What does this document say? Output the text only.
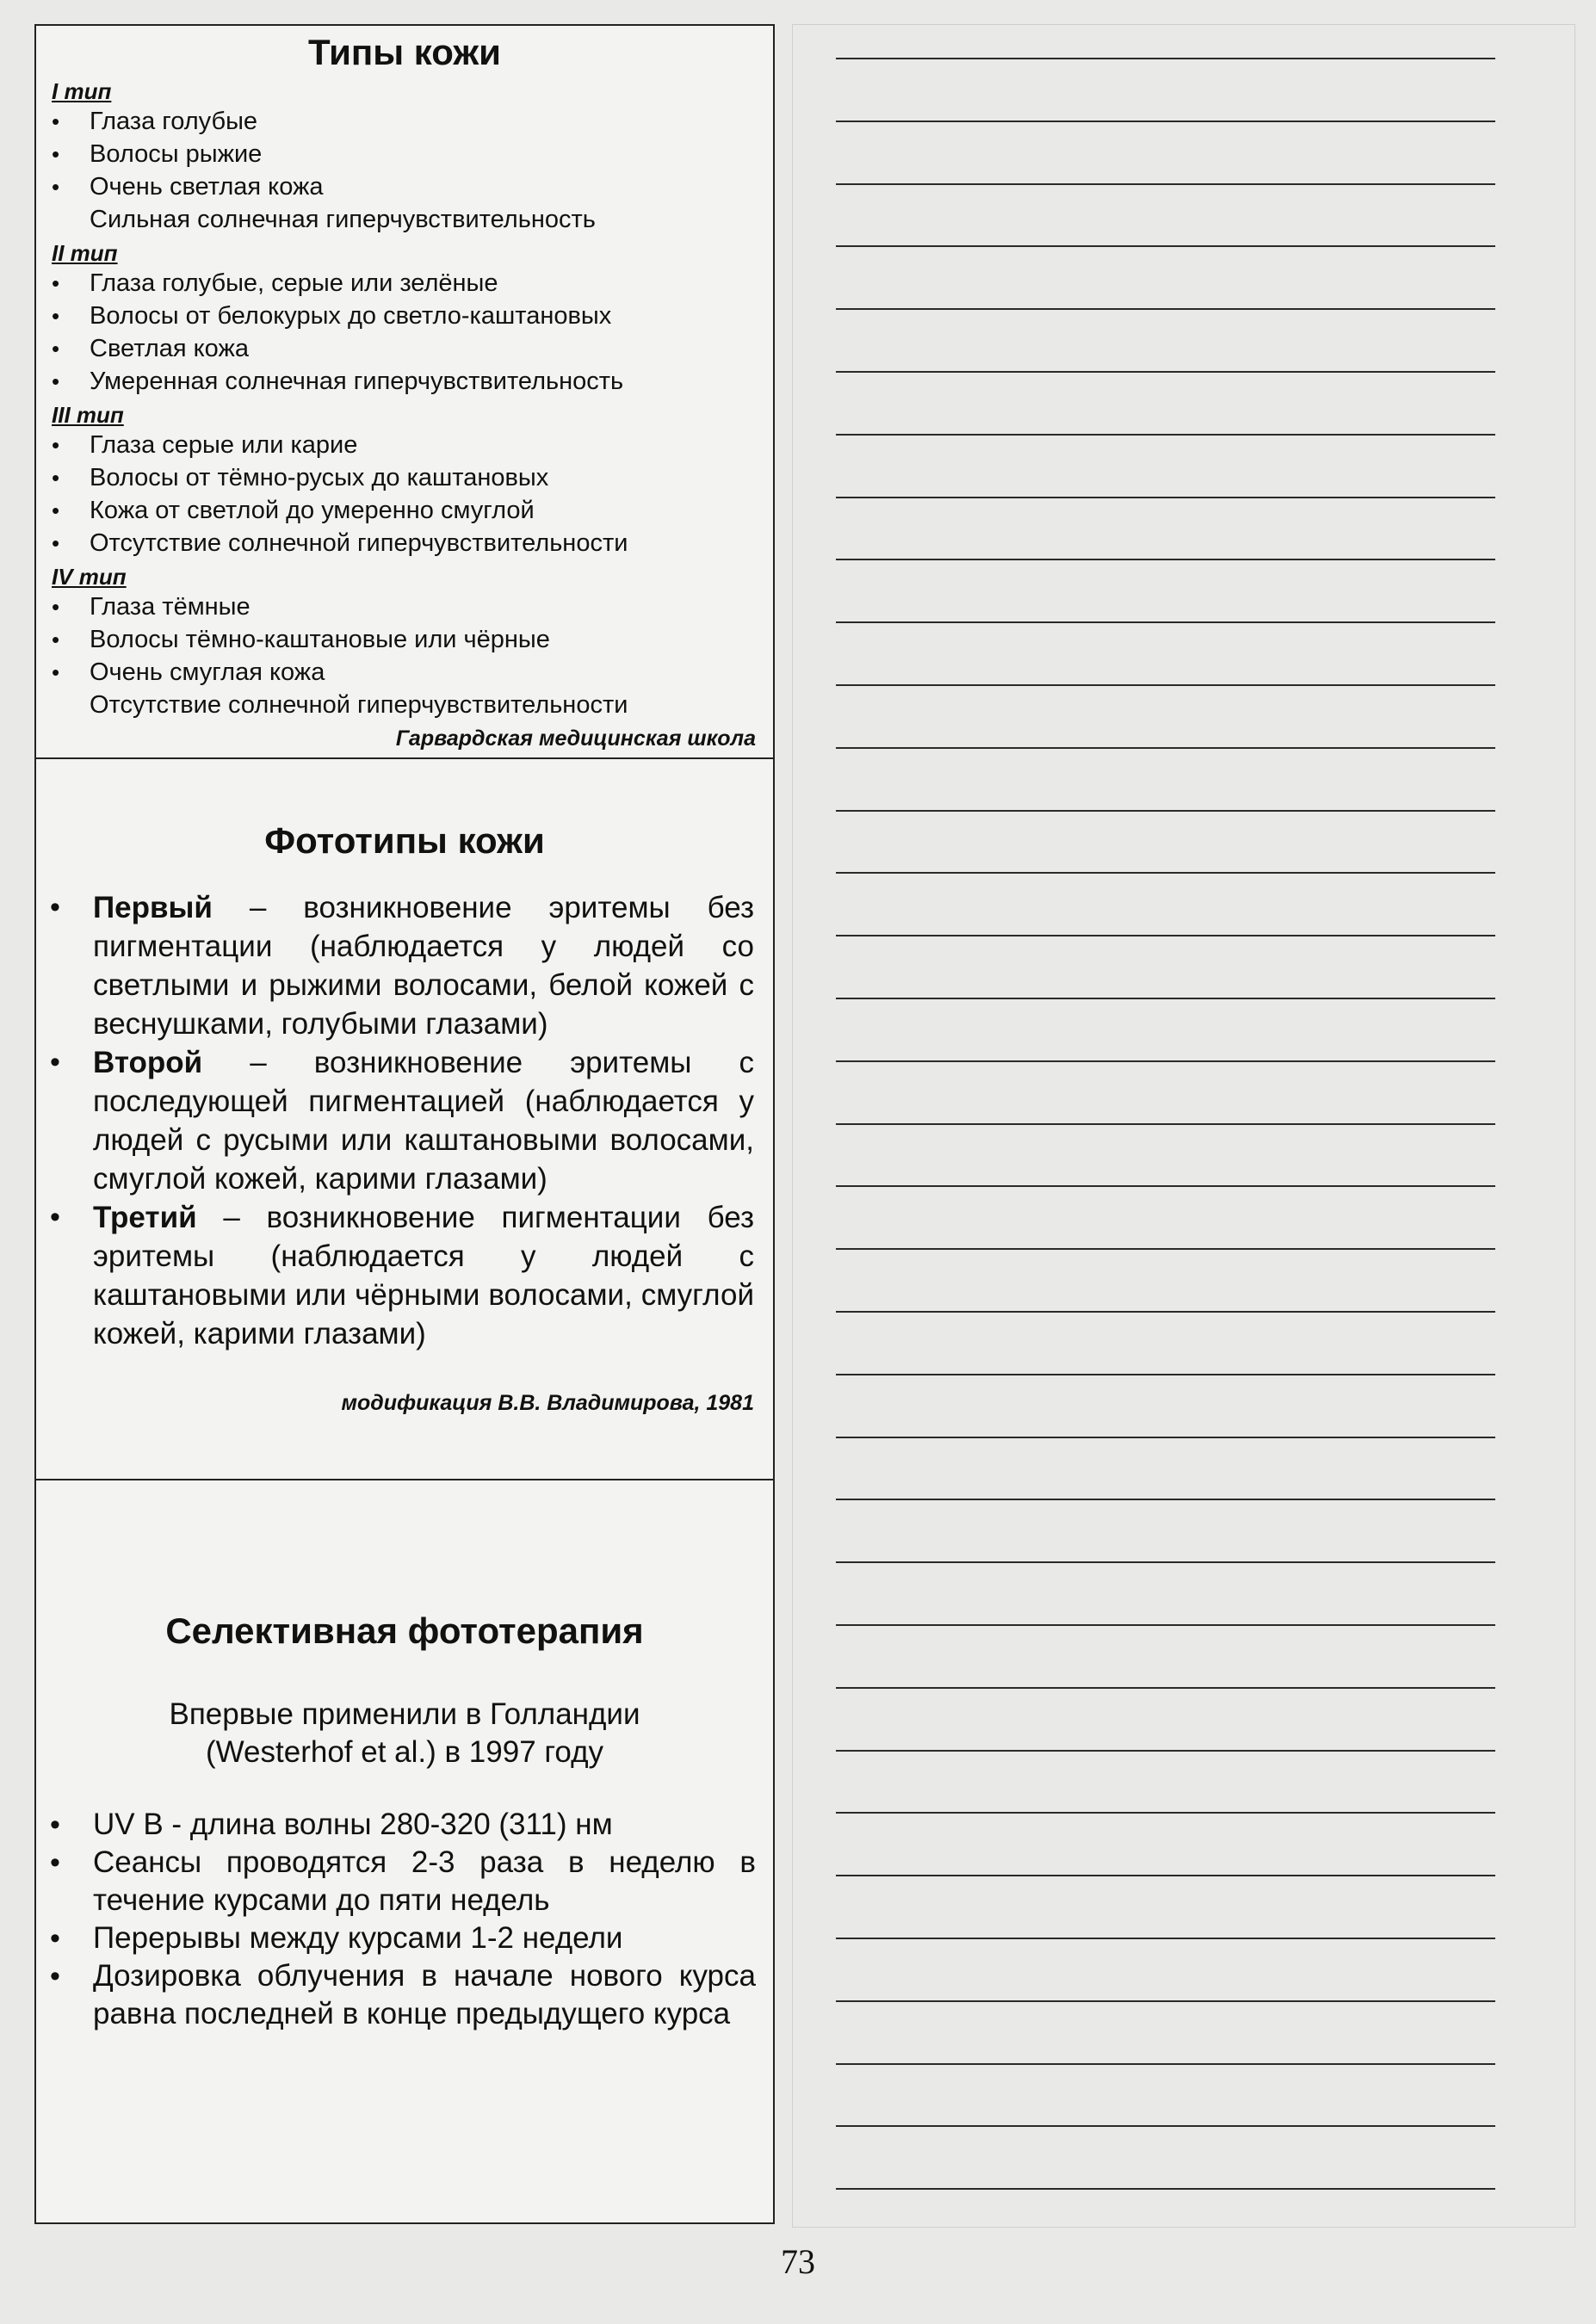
Типы кожи
I тип
• Глаза голубые
• Волосы рыжие
• Очень светлая кожа
Сильная солнечная гиперчувствительность
II тип
• Глаза голубые, серые или зелёные
• Волосы от белокурых до светло-каштановых
• Светлая кожа
• Умеренная солнечная гиперчувствительность
III тип
• Глаза серые или карие
• Волосы от тёмно-русых до каштановых
• Кожа от светлой до умеренно смуглой
• Отсутствие солнечной гиперчувствительности
IV тип
• Глаза тёмные
• Волосы тёмно-каштановые или чёрные
• Очень смуглая кожа
Отсутствие солнечной гиперчувствительности
Гарвардская медицинская школа
Фототипы кожи
• Первый – возникновение эритемы без пигментации (наблюдается у людей со светлыми и рыжими волосами, белой кожей с веснушками, голубыми глазами)
• Второй – возникновение эритемы с последующей пигментацией (наблюдается у людей с русыми или каштановыми волосами, смуглой кожей, карими глазами)
• Третий – возникновение пигментации без эритемы (наблюдается у людей с каштановыми или чёрными волосами, смуглой кожей, карими глазами)
модификация В.В. Владимирова, 1981
Селективная фототерапия
Впервые применили в Голландии
(Westerhof et al.) в 1997 году
• UV B - длина волны 280-320 (311) нм
• Сеансы проводятся 2-3 раза в неделю в течение курсами до пяти недель
• Перерывы между курсами 1-2 недели
• Дозировка облучения в начале нового курса равна последней в конце предыдущего курса
73
